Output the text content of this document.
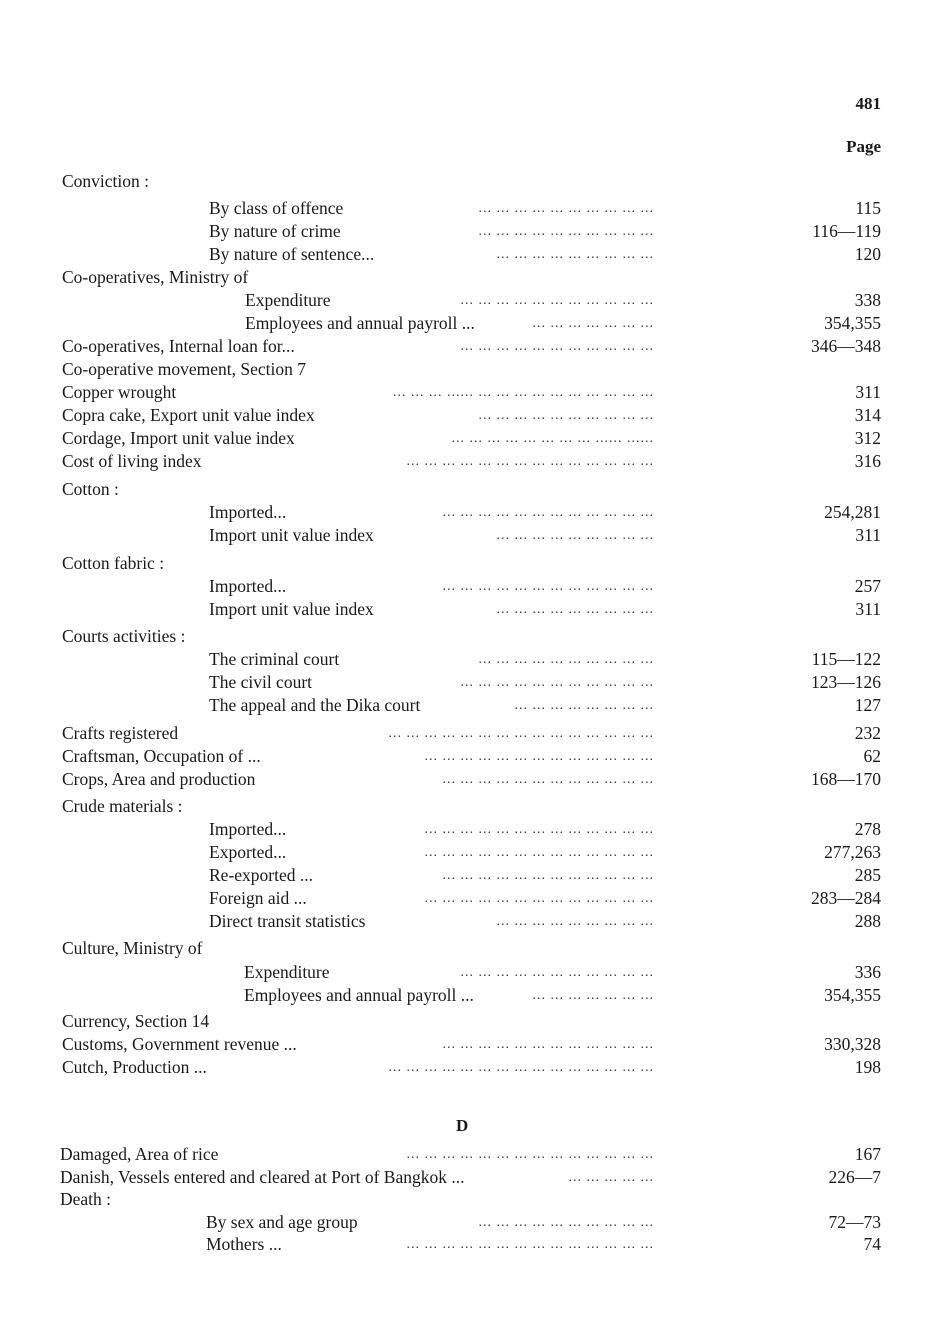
481
Page
Conviction :
By class of offence	... ... ... ... ... ... ... ... ... ...	115
By nature of crime	... ... ... ... ... ... ... ... ... ...	116—119
By nature of sentence...	... ... ... ... ... ... ... ... ...	120
Co-operatives, Ministry of
Expenditure	... ... ... ... ... ... ... ... ... ... ...	338
Employees and annual payroll ...	... ... ... ... ... ... ...	354,355
Co-operatives, Internal loan for...	... ... ... ... ... ... ... ... ... ... ...	346—348
Co-operative movement, Section 7
Copper wrought	... ... ... ...... ... ... ... ... ... ... ... ... ... ...	311
Copra cake, Export unit value index	... ... ... ... ... ... ... ... ... ...	314
Cordage, Import unit value index	... ... ... ... ... ... ... ... ...... ......	312
Cost of living index	... ... ... ... ... ... ... ... ... ... ... ... ... ...	316
Cotton :
Imported...	... ... ... ... ... ... ... ... ... ... ... ...	254,281
Import unit value index	... ... ... ... ... ... ... ... ...	311
Cotton fabric :
Imported...	... ... ... ... ... ... ... ... ... ... ... ...	257
Import unit value index	... ... ... ... ... ... ... ... ...	311
Courts activities :
The criminal court	... ... ... ... ... ... ... ... ... ...	115—122
The civil court	... ... ... ... ... ... ... ... ... ... ...	123—126
The appeal and the Dika court	... ... ... ... ... ... ... ...	127
Crafts registered	... ... ... ... ... ... ... ... ... ... ... ... ... ... ...	232
Craftsman, Occupation of ...	... ... ... ... ... ... ... ... ... ... ... ... ...	62
Crops, Area and production	... ... ... ... ... ... ... ... ... ... ... ...	168—170
Crude materials :
Imported...	... ... ... ... ... ... ... ... ... ... ... ... ...	278
Exported...	... ... ... ... ... ... ... ... ... ... ... ... ...	277,263
Re-exported ...	... ... ... ... ... ... ... ... ... ... ... ...	285
Foreign aid ...	... ... ... ... ... ... ... ... ... ... ... ... ...	283—284
Direct transit statistics	... ... ... ... ... ... ... ... ...	288
Culture, Ministry of
Expenditure	... ... ... ... ... ... ... ... ... ... ...	336
Employees and annual payroll ...	... ... ... ... ... ... ...	354,355
Currency, Section 14
Customs, Government revenue ...	... ... ... ... ... ... ... ... ... ... ... ...	330,328
Cutch, Production ...	... ... ... ... ... ... ... ... ... ... ... ... ... ... ...	198
Damaged, Area of rice	... ... ... ... ... ... ... ... ... ... ... ... ... ...	167
Danish, Vessels entered and cleared at Port of Bangkok ...	... ... ... ... ...	226—7
Death :
By sex and age group	... ... ... ... ... ... ... ... ... ...	72—73
Mothers ...	... ... ... ... ... ... ... ... ... ... ... ... ... ...	74
D
